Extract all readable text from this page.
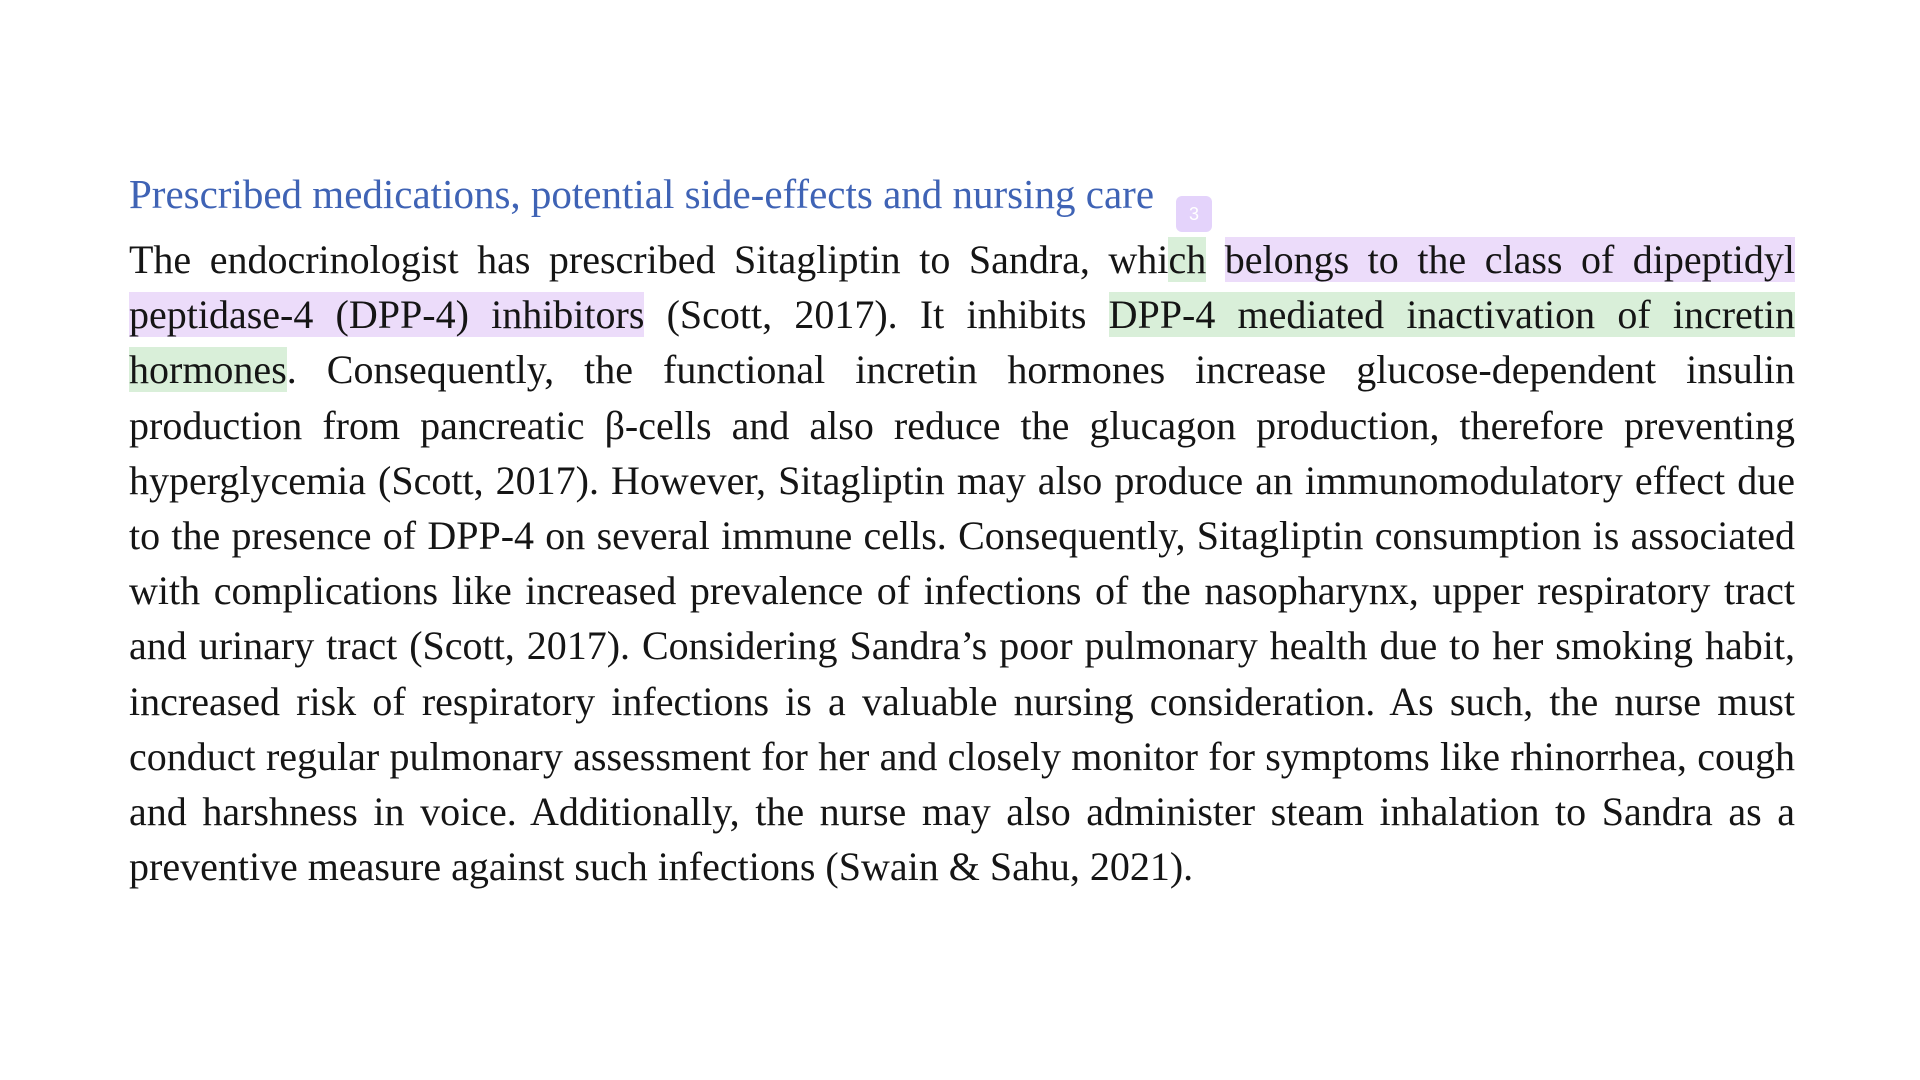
Prescribed medications, potential side-effects and nursing care 3

The endocrinologist has prescribed Sitagliptin to Sandra, which belongs to the class of dipeptidyl peptidase-4 (DPP-4) inhibitors (Scott, 2017). It inhibits DPP-4 mediated inactivation of incretin hormones. Consequently, the functional incretin hormones increase glucose-dependent insulin production from pancreatic β-cells and also reduce the glucagon production, therefore preventing hyperglycemia (Scott, 2017). However, Sitagliptin may also produce an immunomodulatory effect due to the presence of DPP-4 on several immune cells. Consequently, Sitagliptin consumption is associated with complications like increased prevalence of infections of the nasopharynx, upper respiratory tract and urinary tract (Scott, 2017). Considering Sandra’s poor pulmonary health due to her smoking habit, increased risk of respiratory infections is a valuable nursing consideration. As such, the nurse must conduct regular pulmonary assessment for her and closely monitor for symptoms like rhinorrhea, cough and harshness in voice. Additionally, the nurse may also administer steam inhalation to Sandra as a preventive measure against such infections (Swain & Sahu, 2021).
